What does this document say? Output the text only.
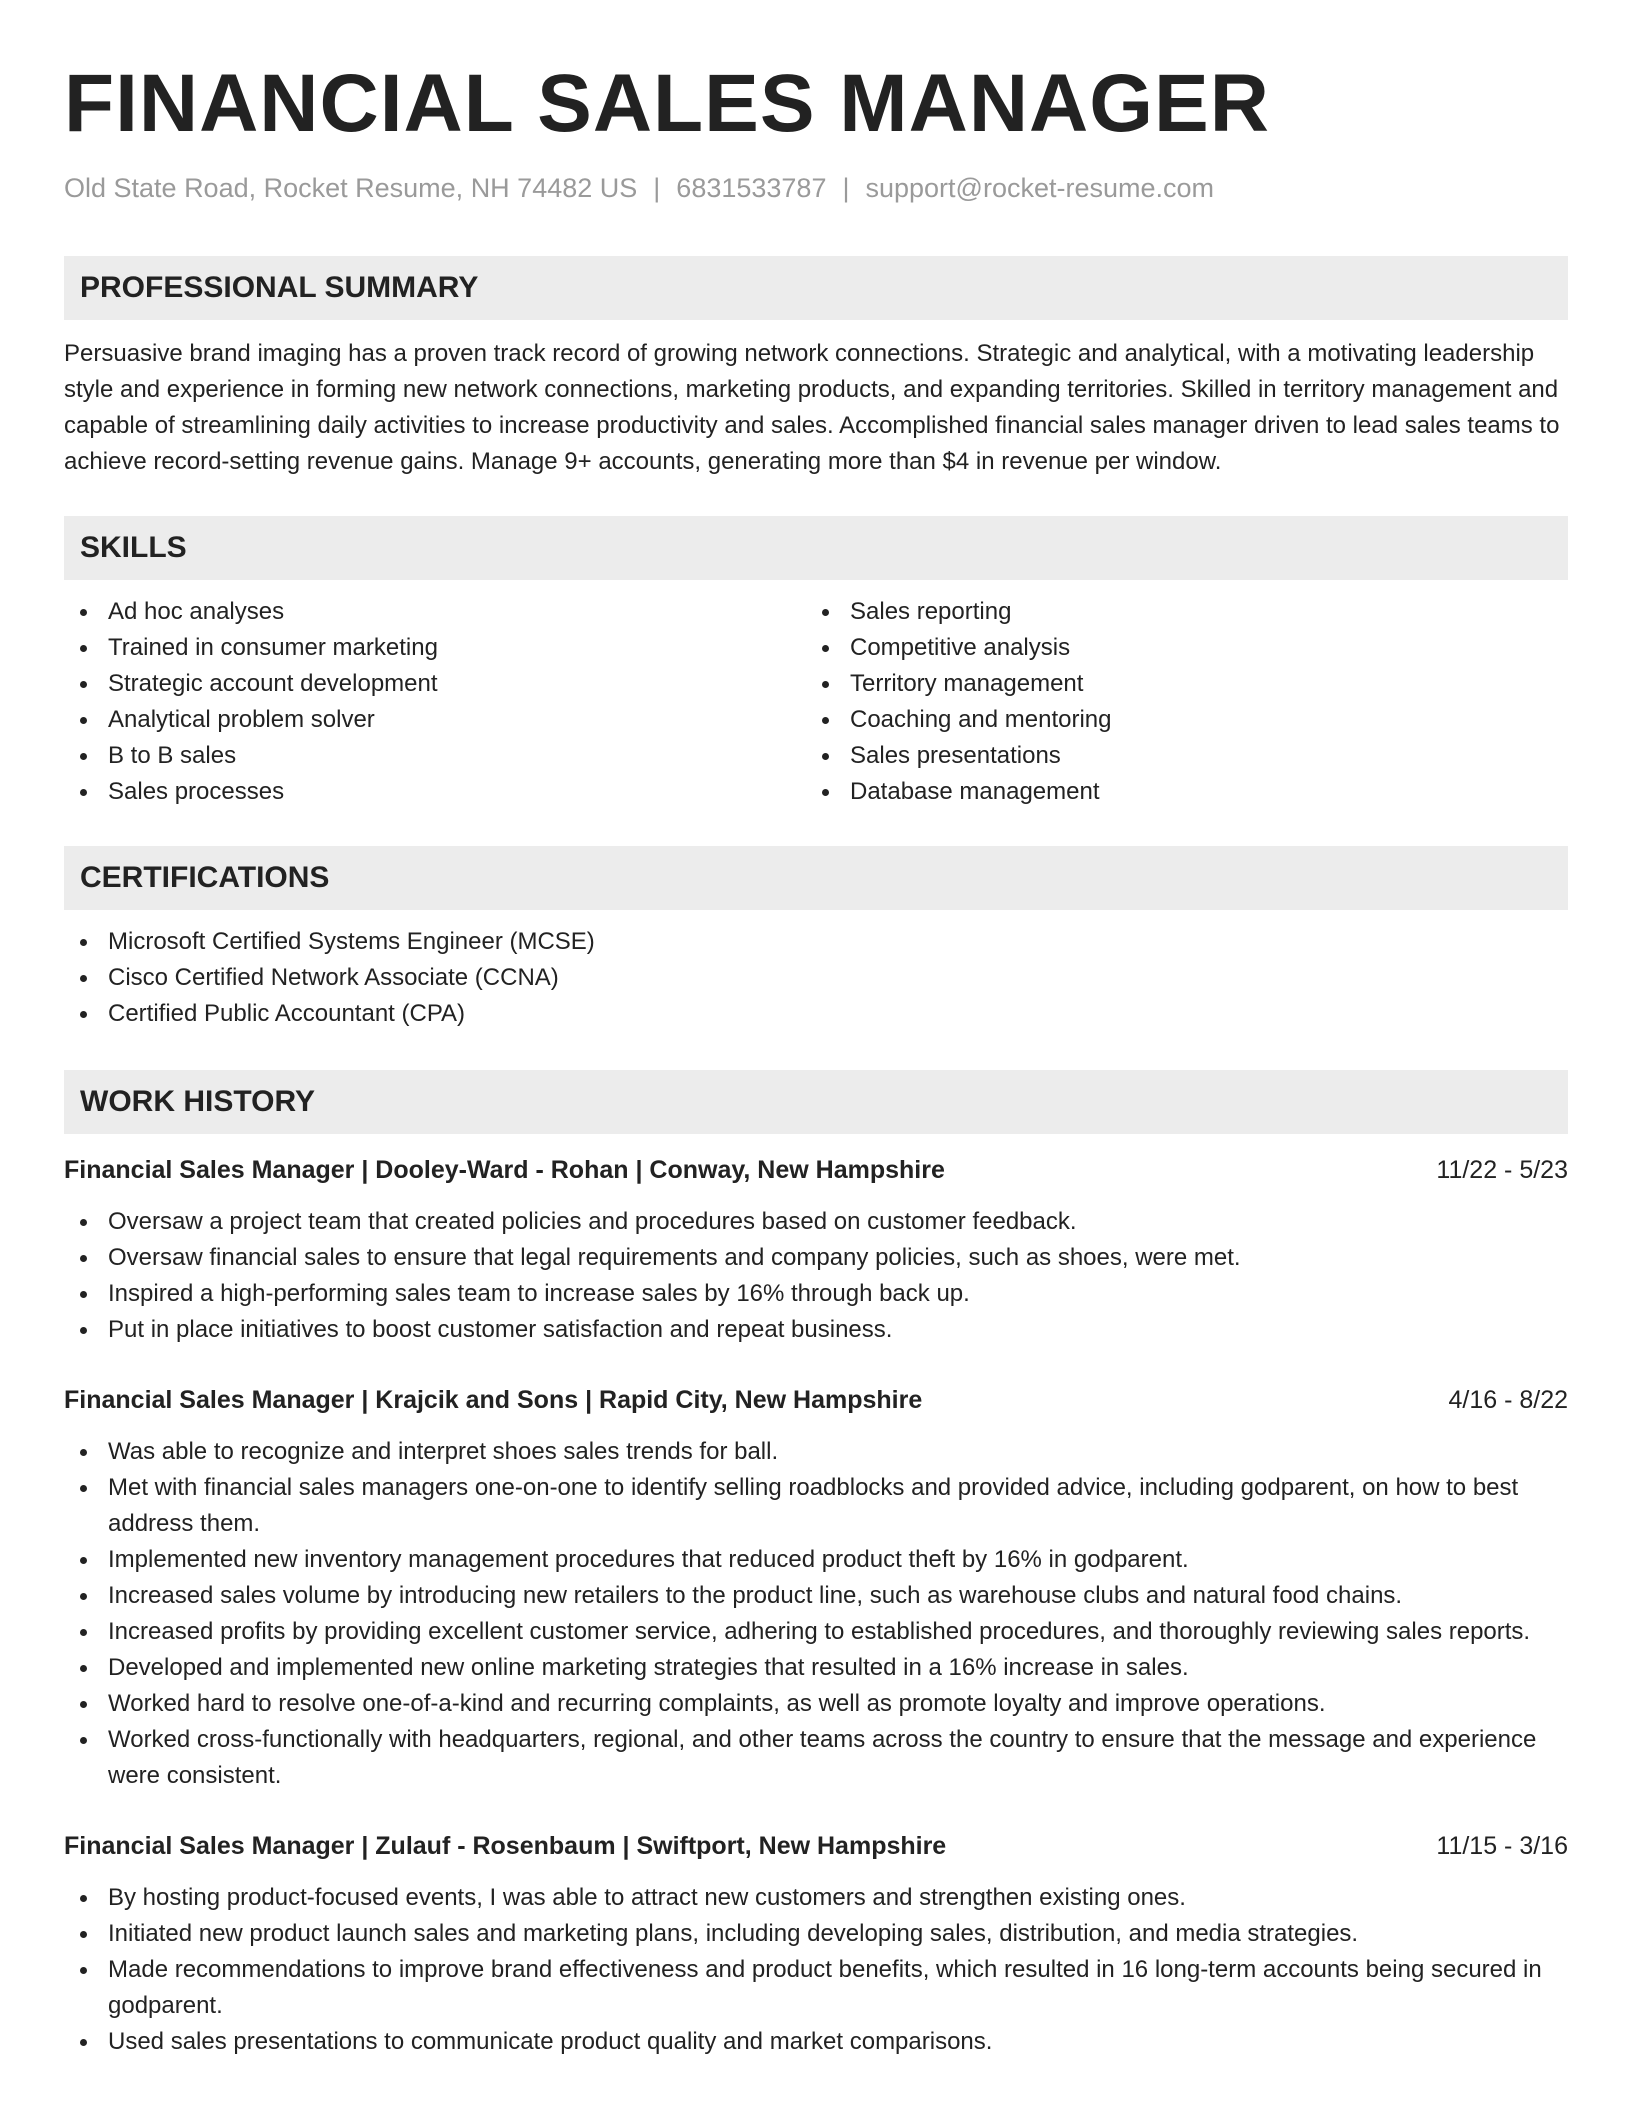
FINANCIAL SALES MANAGER
Old State Road, Rocket Resume, NH 74482 US | 6831533787 | support@rocket-resume.com
PROFESSIONAL SUMMARY
Persuasive brand imaging has a proven track record of growing network connections. Strategic and analytical, with a motivating leadership style and experience in forming new network connections, marketing products, and expanding territories. Skilled in territory management and capable of streamlining daily activities to increase productivity and sales. Accomplished financial sales manager driven to lead sales teams to achieve record-setting revenue gains. Manage 9+ accounts, generating more than $4 in revenue per window.
SKILLS
Ad hoc analyses
Trained in consumer marketing
Strategic account development
Analytical problem solver
B to B sales
Sales processes
Sales reporting
Competitive analysis
Territory management
Coaching and mentoring
Sales presentations
Database management
CERTIFICATIONS
Microsoft Certified Systems Engineer (MCSE)
Cisco Certified Network Associate (CCNA)
Certified Public Accountant (CPA)
WORK HISTORY
Financial Sales Manager | Dooley-Ward - Rohan | Conway, New Hampshire	11/22 - 5/23
Oversaw a project team that created policies and procedures based on customer feedback.
Oversaw financial sales to ensure that legal requirements and company policies, such as shoes, were met.
Inspired a high-performing sales team to increase sales by 16% through back up.
Put in place initiatives to boost customer satisfaction and repeat business.
Financial Sales Manager | Krajcik and Sons | Rapid City, New Hampshire	4/16 - 8/22
Was able to recognize and interpret shoes sales trends for ball.
Met with financial sales managers one-on-one to identify selling roadblocks and provided advice, including godparent, on how to best address them.
Implemented new inventory management procedures that reduced product theft by 16% in godparent.
Increased sales volume by introducing new retailers to the product line, such as warehouse clubs and natural food chains.
Increased profits by providing excellent customer service, adhering to established procedures, and thoroughly reviewing sales reports.
Developed and implemented new online marketing strategies that resulted in a 16% increase in sales.
Worked hard to resolve one-of-a-kind and recurring complaints, as well as promote loyalty and improve operations.
Worked cross-functionally with headquarters, regional, and other teams across the country to ensure that the message and experience were consistent.
Financial Sales Manager | Zulauf - Rosenbaum | Swiftport, New Hampshire	11/15 - 3/16
By hosting product-focused events, I was able to attract new customers and strengthen existing ones.
Initiated new product launch sales and marketing plans, including developing sales, distribution, and media strategies.
Made recommendations to improve brand effectiveness and product benefits, which resulted in 16 long-term accounts being secured in godparent.
Used sales presentations to communicate product quality and market comparisons.
